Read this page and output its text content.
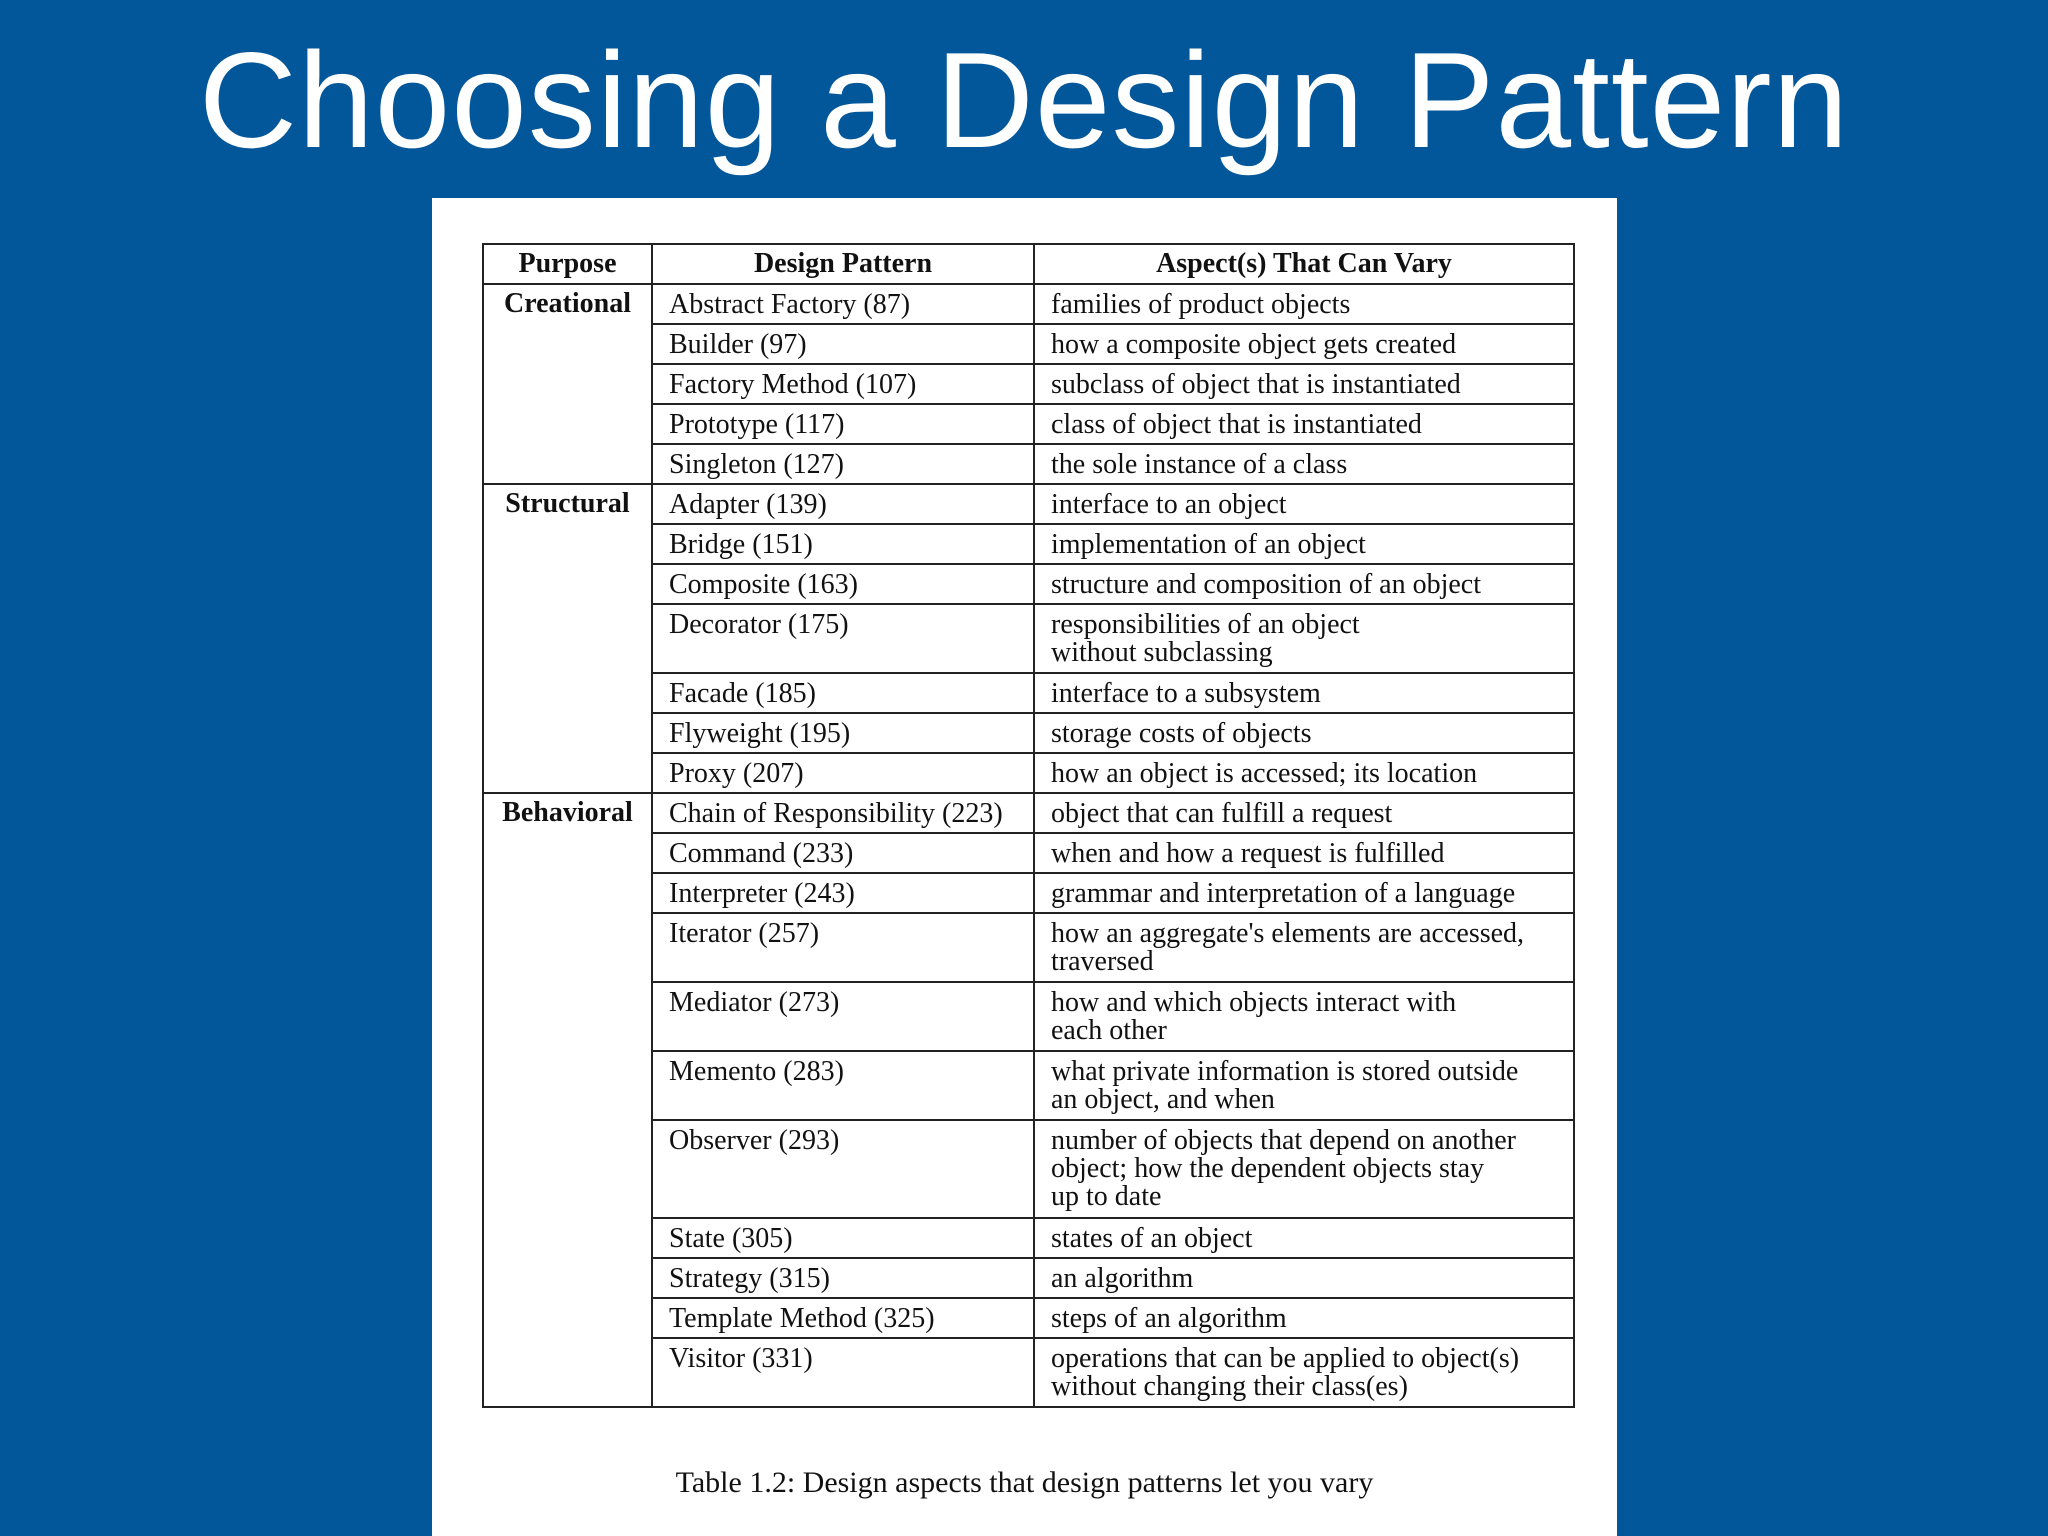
Choosing a Design Pattern
Purpose	Design Pattern	Aspect(s) That Can Vary
Creational	Abstract Factory (87)	families of product objects

	Builder (97)	how a composite object gets created

	Factory Method (107)	subclass of object that is instantiated

	Prototype (117)	class of object that is instantiated

	Singleton (127)	the sole instance of a class

Structural	Adapter (139)	interface to an object

	Bridge (151)	implementation of an object

	Composite (163)	structure and composition of an object

	Decorator (175)	responsibilities of an object
without subclassing

	Facade (185)	interface to a subsystem

	Flyweight (195)	storage costs of objects

	Proxy (207)	how an object is accessed; its location

Behavioral	Chain of Responsibility (223)	object that can fulfill a request

	Command (233)	when and how a request is fulfilled

	Interpreter (243)	grammar and interpretation of a language

	Iterator (257)	how an aggregate's elements are accessed,
traversed

	Mediator (273)	how and which objects interact with
each other

	Memento (283)	what private information is stored outside
an object, and when

	Observer (293)	number of objects that depend on another
object; how the dependent objects stay
up to date

	State (305)	states of an object

	Strategy (315)	an algorithm

	Template Method (325)	steps of an algorithm

	Visitor (331)	operations that can be applied to object(s)
without changing their class(es)
Table 1.2: Design aspects that design patterns let you vary
